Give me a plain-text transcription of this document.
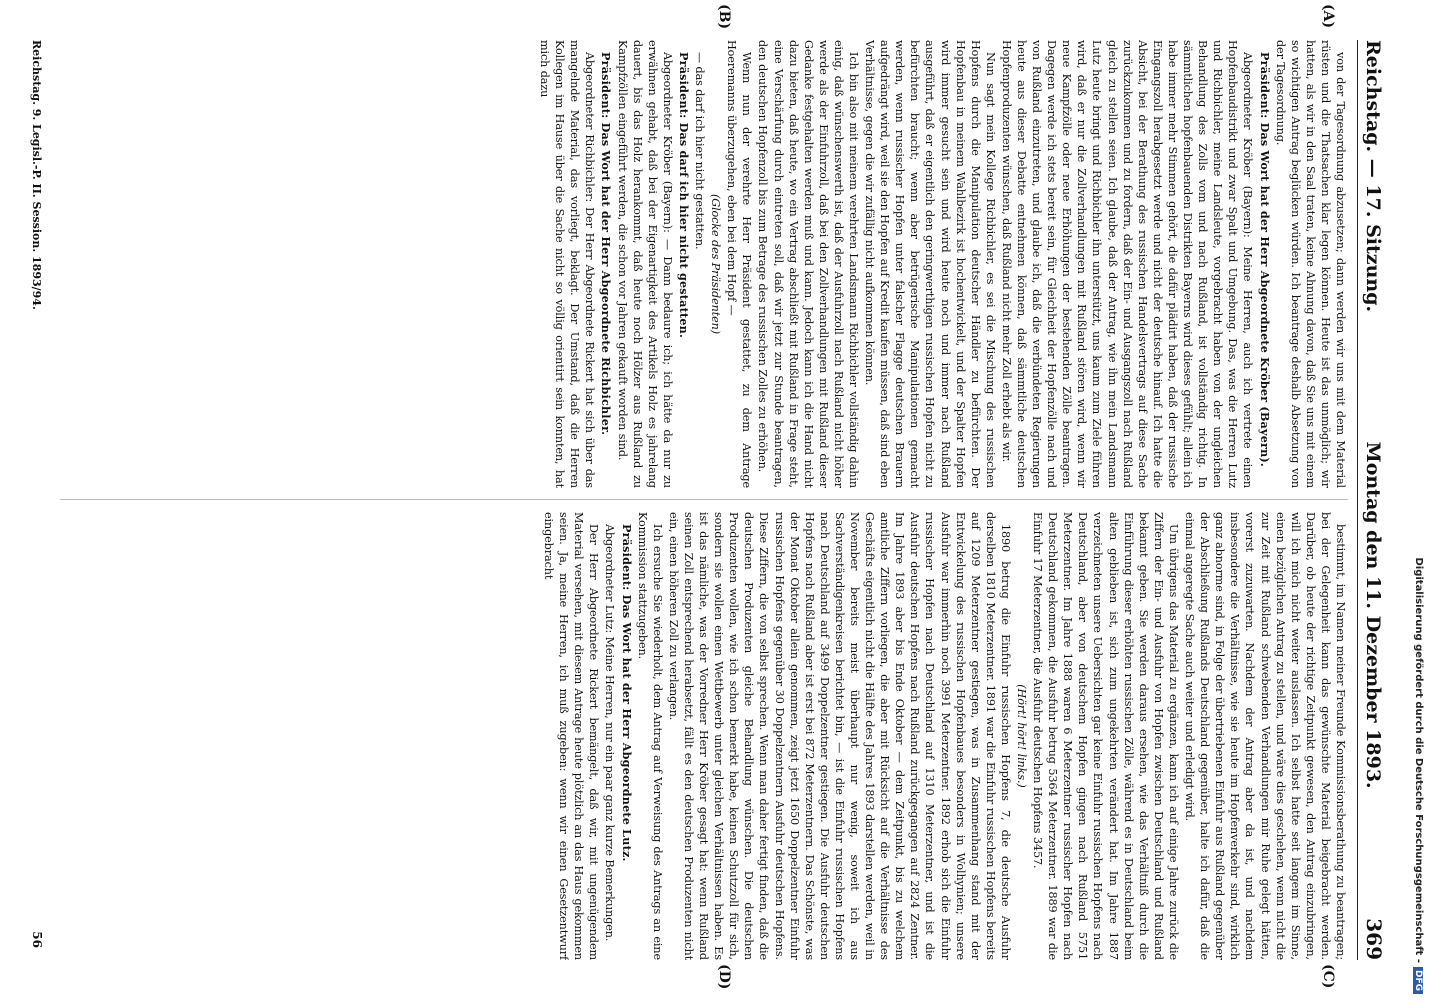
Reichstag. — 17. Sitzung.
Montag den 11. Dezember 1893.
369
(A)
(B)
(C)
(D)

von der Tagesordnung abzusetzen; dann werden wir uns mit dem Material rüsten und die Thatsachen klar legen können. Heute ist das unmöglich; wir hatten, als wir in den Saal traten, keine Ahnung davon, daß Sie uns mit einem so wichtigen Antrag beglücken würden. Ich beantrage deshalb Absetzung von der Tagesordnung.

Präsident: Das Wort hat der Herr Abgeordnete Kröber (Bayern).

Abgeordneter Kröber (Bayern): Meine Herren, auch ich vertrete einen Hopfenbaudistrikt und zwar Spalt und Umgebung. Das, was die Herren Lutz und Richbichler, meine Landsleute, vorgebracht haben von der ungleichen Behandlung des Zolls vom und nach Rußland, ist vollständig richtig. In sämmtlichen hopfenbauenden Distrikten Bayerns wird dieses gefühlt; allein ich habe immer mehr Stimmen gehört, die dafür plädirt haben, daß der russische Eingangszoll herabgesetzt werde und nicht der deutsche hinauf. Ich hatte die Absicht, bei der Berathung des russischen Handelsvertrags auf diese Sache zurückzukommen und zu fordern, daß der Ein- und Ausgangszoll nach Rußland gleich zu stellen seien. Ich glaube, daß der Antrag, wie ihn mein Landsmann Lutz heute bringt und Richbichler ihn unterstützt, uns kaum zum Ziele führen wird, daß er nur die Zollverhandlungen mit Rußland stören wird, wenn wir neue Kampfzölle oder neue Erhöhungen der bestehenden Zölle beantragen. Dagegen werde ich stets bereit sein, für Gleichheit der Hopfenzölle nach und von Rußland einzutreten, und glaube ich, daß die verbündeten Regierungen heute aus dieser Debatte entnehmen können, daß sämmtliche deutschen Hopfenproduzenten wünschen, daß Rußland nicht mehr Zoll erhebt als wir.

Nun sagt mein Kollege Richbichler, es sei die Mischung des russischen Hopfens durch die Manipulation deutscher Händler zu befürchten. Der Hopfenbau in meinem Wahlbezirk ist hochentwickelt, und der Spalter Hopfen wird immer gesucht sein und wird heute noch und immer nach Rußland ausgeführt, daß er eigentlich den geringwerthigen russischen Hopfen nicht zu befürchten braucht; wenn aber betrügerische Manipulationen gemacht werden, wenn russischer Hopfen unter falscher Flagge deutschen Brauern aufgedrängt wird, weil sie den Hopfen auf Kredit kaufen müssen, daß sind eben Verhältnisse, gegen die wir zufällig nicht aufkommen können.

Ich bin also mit meinem verehrten Landsmann Richbichler vollständig dahin einig, daß wünschenswerth ist, daß der Ausfuhrzoll nach Rußland nicht höher werde als der Einfuhrzoll, daß bei den Zollverhandlungen mit Rußland dieser Gedanke festgehalten werden muß und kann. Jedoch kann ich die Hand nicht dazu bieten, daß heute, wo ein Vertrag abschließt mit Rußland in Frage steht, eine Verschärfung durch eintreten soll, daß wir jetzt zur Stunde beantragen, den deutschen Hopfenzoll bis zum Betrage des russischen Zolles zu erhöhen.

Wenn nun der verehrte Herr Präsident gestattet, zu dem Antrage Hoeremanns überzugehen, eben bei dem Hopf —

(Glocke des Präsidenten)

— das darf ich hier nicht gestatten.

Präsident: Das darf ich hier nicht gestatten.

Abgeordneter Kröber (Bayern): — Dann bedaure ich; ich hätte da nur zu erwähnen gehabt, daß bei der Eigenartigkeit des Artikels Holz es jahrelang dauert, bis das Holz herankommt, daß heute noch Hölzer aus Rußland zu Kampfzöllen eingeführt werden, die schon vor Jahren gekauft worden sind.

Präsident: Das Wort hat der Herr Abgeordnete Richbichler.

Abgeordneter Richbichler: Der Herr Abgeordnete Rickert hat sich über das mangelnde Material, das vorliegt, beklagt. Der Umstand, daß die Herren Kollegen im Hause über die Sache nicht so völlig orientirt sein konnten, hat mich dazu

bestimmt, im Namen meiner Freunde Kommissionsberathung zu beantragen; bei der Gelegenheit kann das gewünschte Material beigebracht werden. Darüber, ob heute der richtige Zeitpunkt gewesen, den Antrag einzubringen, will ich mich nicht weiter auslassen. Ich selbst hatte seit langem im Sinne, einen bezüglichen Antrag zu stellen, und wäre dies geschehen, wenn nicht die zur Zeit mit Rußland schwebenden Verhandlungen mir Ruhe gelegt hätten, vorerst zuzuwarten. Nachdem der Antrag aber da ist, und nachdem insbesondere die Verhältnisse, wie sie heute im Hopfenverkehr sind, wirklich ganz abnorme sind, in Folge der übertriebenen Einfuhr aus Rußland gegenüber der Abschließung Rußlands Deutschland gegenüber, halte ich dafür, daß die einmal angeregte Sache auch weiter und erledigt wird.

Um übrigens das Material zu ergänzen, kann ich auf einige Jahre zurück die Ziffern der Ein- und Ausfuhr von Hopfen zwischen Deutschland und Rußland bekannt geben. Sie werden daraus ersehen, wie das Verhältniß durch die Einführung dieser erhöhten russischen Zölle, während es in Deutschland beim alten geblieben ist, sich zum ungekehrten verändert hat. Im Jahre 1887 verzeichneten unsere Uebersichten gar keine Einfuhr russischen Hopfens nach Deutschland, aber von deutschem Hopfen gingen nach Rußland 5751 Meterzentner. Im Jahre 1888 waren 6 Meterzentner russischer Hopfen nach Deutschland gekommen, die Ausfuhr betrug 5364 Meterzentner. 1889 war die Einfuhr 17 Meterzentner, die Ausfuhr deutschen Hopfens 3457.

(Hört! hört! links.)

1890 betrug die Einfuhr russischen Hopfens 7, die deutsche Ausfuhr derselben 1810 Meterzentner. 1891 war die Einfuhr russischen Hopfens bereits auf 1209 Meterzentner gestiegen, was in Zusammenhang stand mit der Entwickelung des russischen Hopfenbaues besonders in Wolhynien; unsere Ausfuhr war immerhin noch 3991 Meterzentner. 1892 erhob sich die Einfuhr russischer Hopfen nach Deutschland auf 1310 Meterzentner, und ist die Ausfuhr deutschen Hopfens nach Rußland zurückgegangen auf 2824 Zentner. Im Jahre 1893 aber bis Ende Oktober — dem Zeitpunkt, bis zu welchem amtliche Ziffern vorliegen, die aber mit Rücksicht auf die Verhältnisse des Geschäfts eigentlich nicht die Hälfte des Jahres 1893 darstellen werden, weil in November bereits meist überhaupt nur wenig, soweit ich aus Sachverständigenkreisen berichtet bin, — ist die Einfuhr russischen Hopfens nach Deutschland auf 3499 Doppelzentner gestiegen. Die Ausfuhr deutschen Hopfens nach Rußland aber ist erst bei 872 Meterzentnern. Das Schönste, was der Monat Oktober allein genommen, zeigt jetzt 1650 Doppelzentner Einfuhr russischen Hopfens gegenüber 30 Doppelzentnern Ausfuhr deutschen Hopfens. Diese Ziffern, die von selbst sprechen. Wenn man daher fertigt finden, daß die deutschen Produzenten gleiche Behandlung wünschen. Die deutschen Produzenten wollen, wie ich schon bemerkt habe, keinen Schutzzoll für sich, sondern sie wollen einen Wettbewerb unter gleichen Verhältnissen haben. Es ist das nämliche, was der Vorredner Herr Kröber gesagt hat: wenn Rußland seinen Zoll entsprechend herabsetzt, fällt es den deutschen Produzenten nicht ein, einen höheren Zoll zu verlangen.

Ich ersuche Sie wiederholt, dem Antrag auf Verweisung des Antrags an eine Kommission stattzugeben.

Präsident: Das Wort hat der Herr Abgeordnete Lutz.

Abgeordneter Lutz: Meine Herren, nur ein paar ganz kurze Bemerkungen.

Der Herr Abgeordnete Rickert bemängelt, daß wir, mit ungenügendem Material versehen, mit diesem Antrage heute plötzlich an das Haus gekommen seien. Ja, meine Herren, ich muß zugeben: wenn wir einen Gesetzentwurf eingebracht

Reichstag. 9. Legisl.-P. II. Session. 1893/94.
56	Digitalisierung gefördert durch die Deutsche Forschungsgemeinschaft -DFG
